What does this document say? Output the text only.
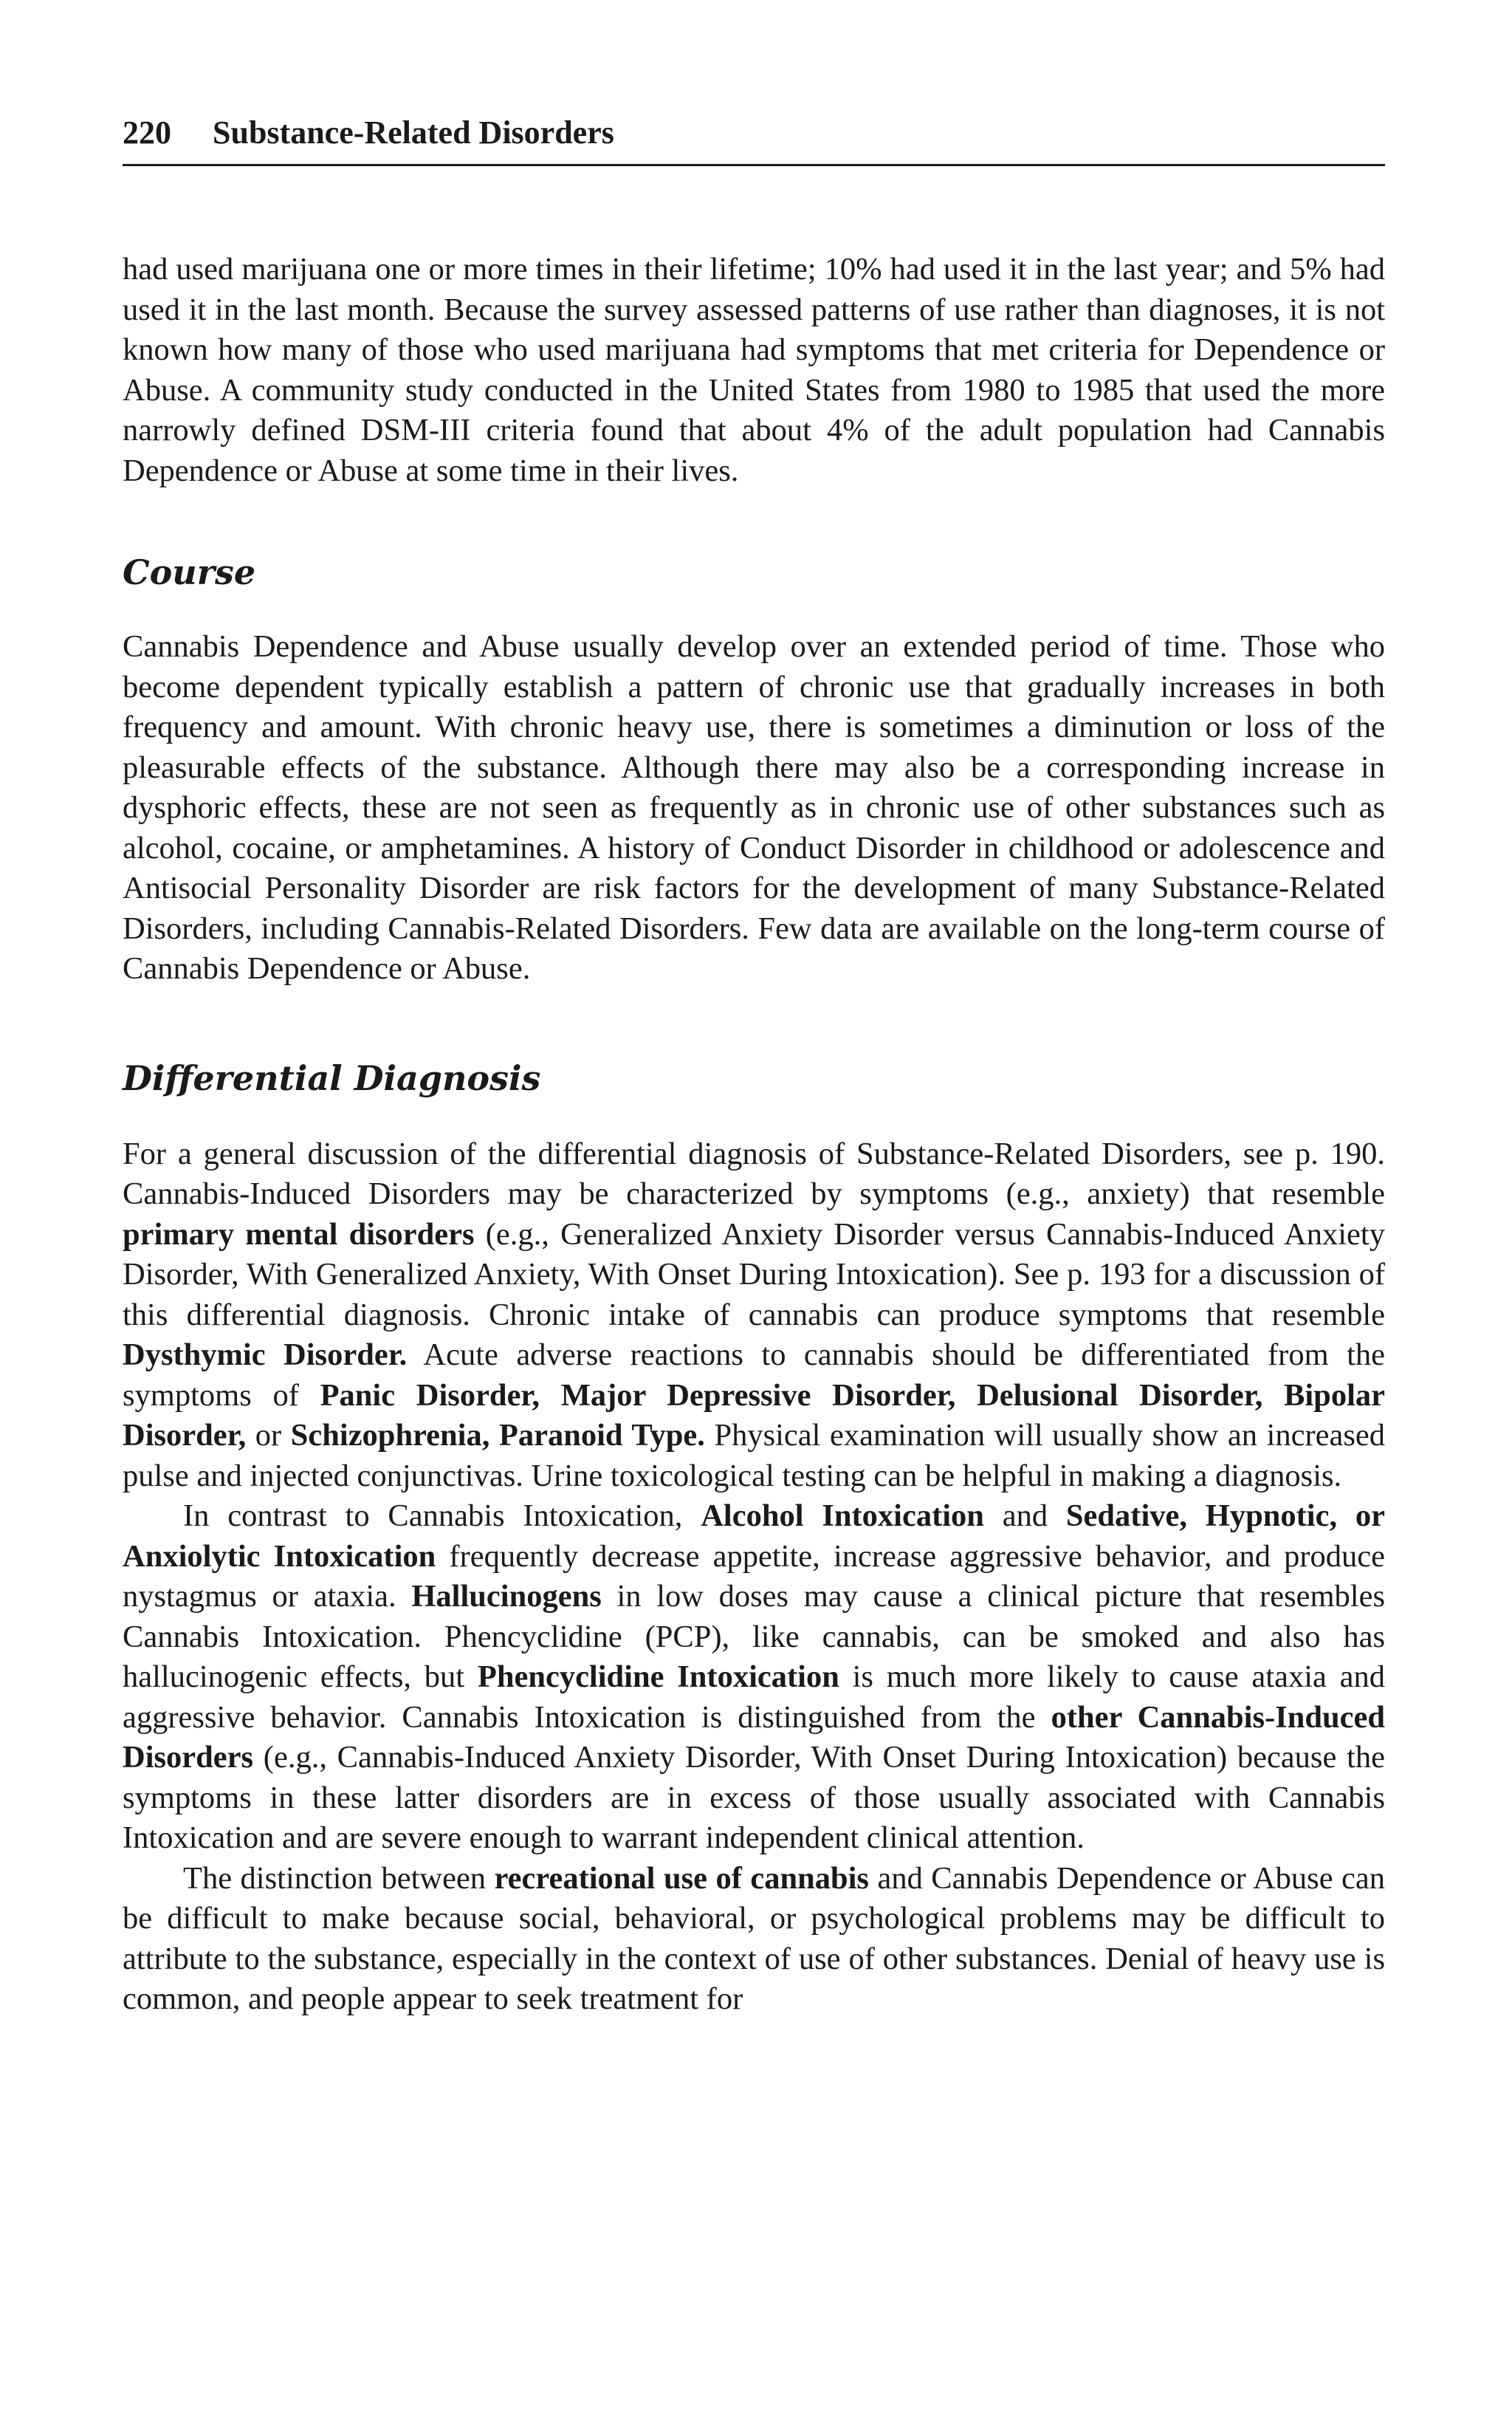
220 Substance-Related Disorders

had used marijuana one or more times in their lifetime; 10% had used it in the last year; and 5% had used it in the last month. Because the survey assessed patterns of use rather than diagnoses, it is not known how many of those who used marijuana had symptoms that met criteria for Dependence or Abuse. A community study conducted in the United States from 1980 to 1985 that used the more narrowly defined DSM-III criteria found that about 4% of the adult population had Cannabis Dependence or Abuse at some time in their lives.

Course

Cannabis Dependence and Abuse usually develop over an extended period of time. Those who become dependent typically establish a pattern of chronic use that gradually increases in both frequency and amount. With chronic heavy use, there is sometimes a diminution or loss of the pleasurable effects of the substance. Although there may also be a corresponding increase in dysphoric effects, these are not seen as frequently as in chronic use of other substances such as alcohol, cocaine, or amphetamines. A history of Conduct Disorder in childhood or adolescence and Antisocial Personality Disorder are risk factors for the development of many Substance-Related Disorders, including Cannabis-Related Disorders. Few data are available on the long-term course of Cannabis Dependence or Abuse.

Differential Diagnosis

For a general discussion of the differential diagnosis of Substance-Related Disorders, see p. 190. Cannabis-Induced Disorders may be characterized by symptoms (e.g., anxiety) that resemble primary mental disorders (e.g., Generalized Anxiety Disorder versus Cannabis-Induced Anxiety Disorder, With Generalized Anxiety, With Onset During Intoxication). See p. 193 for a discussion of this differential diagnosis. Chronic intake of cannabis can produce symptoms that resemble Dysthymic Disorder. Acute adverse reactions to cannabis should be differentiated from the symptoms of Panic Disorder, Major Depressive Disorder, Delusional Disorder, Bipolar Disorder, or Schizophrenia, Paranoid Type. Physical examination will usually show an increased pulse and injected conjunctivas. Urine toxicological testing can be helpful in making a diagnosis.

In contrast to Cannabis Intoxication, Alcohol Intoxication and Sedative, Hypnotic, or Anxiolytic Intoxication frequently decrease appetite, increase aggressive behavior, and produce nystagmus or ataxia. Hallucinogens in low doses may cause a clinical picture that resembles Cannabis Intoxication. Phencyclidine (PCP), like cannabis, can be smoked and also has hallucinogenic effects, but Phencyclidine Intoxication is much more likely to cause ataxia and aggressive behavior. Cannabis Intoxication is distinguished from the other Cannabis-Induced Disorders (e.g., Cannabis-Induced Anxiety Disorder, With Onset During Intoxication) because the symptoms in these latter disorders are in excess of those usually associated with Cannabis Intoxication and are severe enough to warrant independent clinical attention.

The distinction between recreational use of cannabis and Cannabis Dependence or Abuse can be difficult to make because social, behavioral, or psychological problems may be difficult to attribute to the substance, especially in the context of use of other substances. Denial of heavy use is common, and people appear to seek treatment for
